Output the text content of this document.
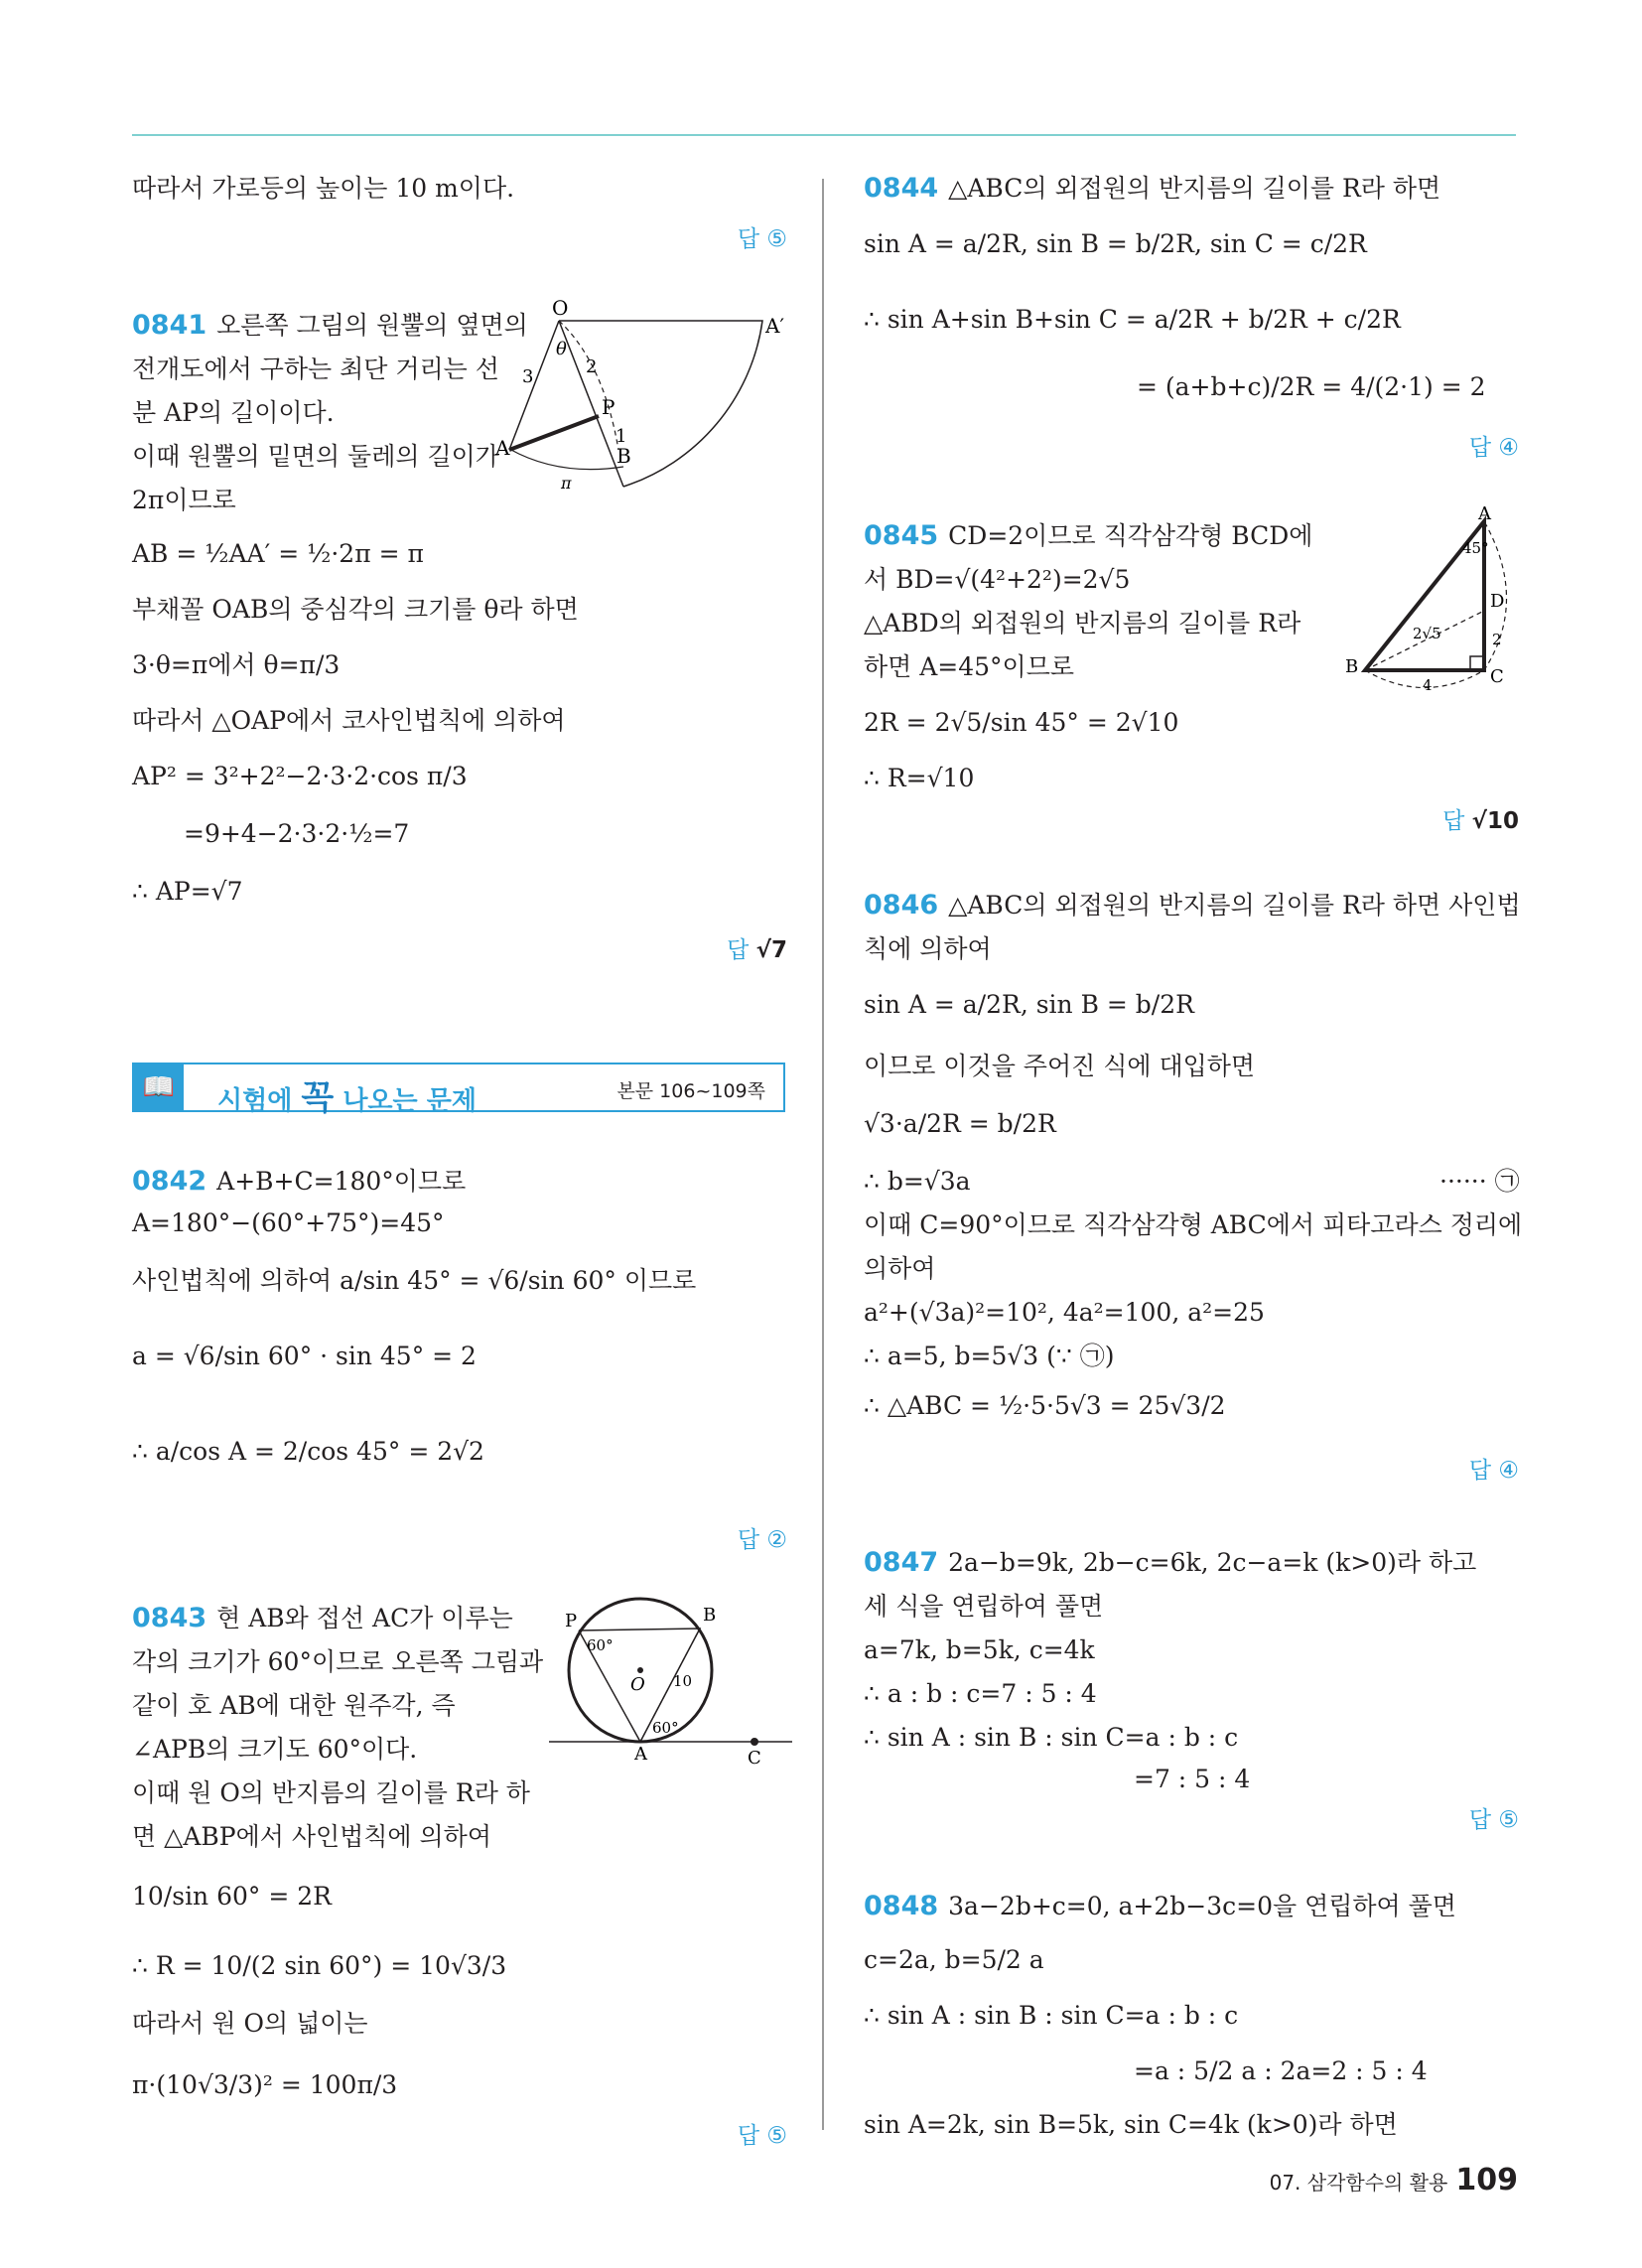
따라서 가로등의 높이는 10 m이다.
답 ⑤
0841 오른쪽 그림의 원뿔의 옆면의
전개도에서 구하는 최단 거리는 선
분 AP의 길이이다.
이때 원뿔의 밑면의 둘레의 길이가
2π이므로
AB = ½AA′ = ½·2π = π
부채꼴 OAB의 중심각의 크기를 θ라 하면
3·θ=π에서 θ=π/3
따라서 △OAP에서 코사인법칙에 의하여
AP² = 3²+2²−2·3·2·cos π/3
=9+4−2·3·2·½=7
∴ AP=√7
답 √7
O
A′
P
θ
3	2
1
A	B
π
0842 A+B+C=180°이므로
A=180°−(60°+75°)=45°
사인법칙에 의하여 a/sin 45° = √6/sin 60° 이므로
a = √6/sin 60° · sin 45° = 2
∴ a/cos A = 2/cos 45° = 2√2
답 ②
0843 현 AB와 접선 AC가 이루는
각의 크기가 60°이므로 오른쪽 그림과
같이 호 AB에 대한 원주각, 즉
∠APB의 크기도 60°이다.
이때 원 O의 반지름의 길이를 R라 하
면 △ABP에서 사인법칙에 의하여
10/sin 60° = 2R
∴ R = 10/(2 sin 60°) = 10√3/3
따라서 원 O의 넓이는
π·(10√3/3)² = 100π/3
답 ⑤
P	B
O
A	C
60°
60°
10
📖	시험에 꼭 나오는 문제	본문 106~109쪽
0844 △ABC의 외접원의 반지름의 길이를 R라 하면
sin A = a/2R, sin B = b/2R, sin C = c/2R
∴ sin A+sin B+sin C = a/2R + b/2R + c/2R
= (a+b+c)/2R = 4/(2·1) = 2
답 ④
0845 CD=2이므로 직각삼각형 BCD에
서 BD=√(4²+2²)=2√5
△ABD의 외접원의 반지름의 길이를 R라
하면 A=45°이므로
2R = 2√5/sin 45° = 2√10
∴ R=√10
답 √10
A
B	C
D
45°
2√5
4
2
0846 △ABC의 외접원의 반지름의 길이를 R라 하면 사인법
칙에 의하여
sin A = a/2R, sin B = b/2R
이므로 이것을 주어진 식에 대입하면
√3·a/2R = b/2R
∴ b=√3a	······ ㉠
이때 C=90°이므로 직각삼각형 ABC에서 피타고라스 정리에
의하여
a²+(√3a)²=10², 4a²=100, a²=25
∴ a=5, b=5√3 (∵ ㉠)
∴ △ABC = ½·5·5√3 = 25√3/2
답 ④
0847 2a−b=9k, 2b−c=6k, 2c−a=k (k>0)라 하고
세 식을 연립하여 풀면
a=7k, b=5k, c=4k
∴ a : b : c=7 : 5 : 4
∴ sin A : sin B : sin C=a : b : c
=7 : 5 : 4
답 ⑤
0848 3a−2b+c=0, a+2b−3c=0을 연립하여 풀면
c=2a, b=5/2 a
∴ sin A : sin B : sin C=a : b : c
=a : 5/2 a : 2a=2 : 5 : 4
sin A=2k, sin B=5k, sin C=4k (k>0)라 하면
07. 삼각함수의 활용 109
